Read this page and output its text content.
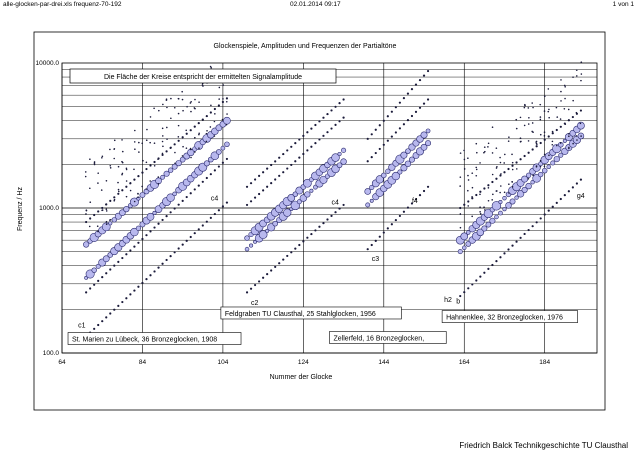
alle-glocken-par-drei.xls frequenz-70-192	02.01.2014 09:17	1 von 1
64	84	104	124	144	164	184
100.0
1000.0
10000.0
St. Marien zu Lübeck, 36 Bronzeglocken, 1908
c1
c4
Feldgraben TU Clausthal, 25 Stahlglocken, 1956
c2
c4
Zellerfeld, 16 Bronzeglocken,
c3
f4
Hahnenklee, 32 Bronzeglocken, 1976
h2 b
g4
Glockenspiele, Amplituden und Frequenzen der Partialtöne
Die Fläche der Kreise entspricht der ermittelten Signalamplitude
Nummer der Glocke
Frequenz / Hz
Friedrich Balck Technikgeschichte TU Clausthal
